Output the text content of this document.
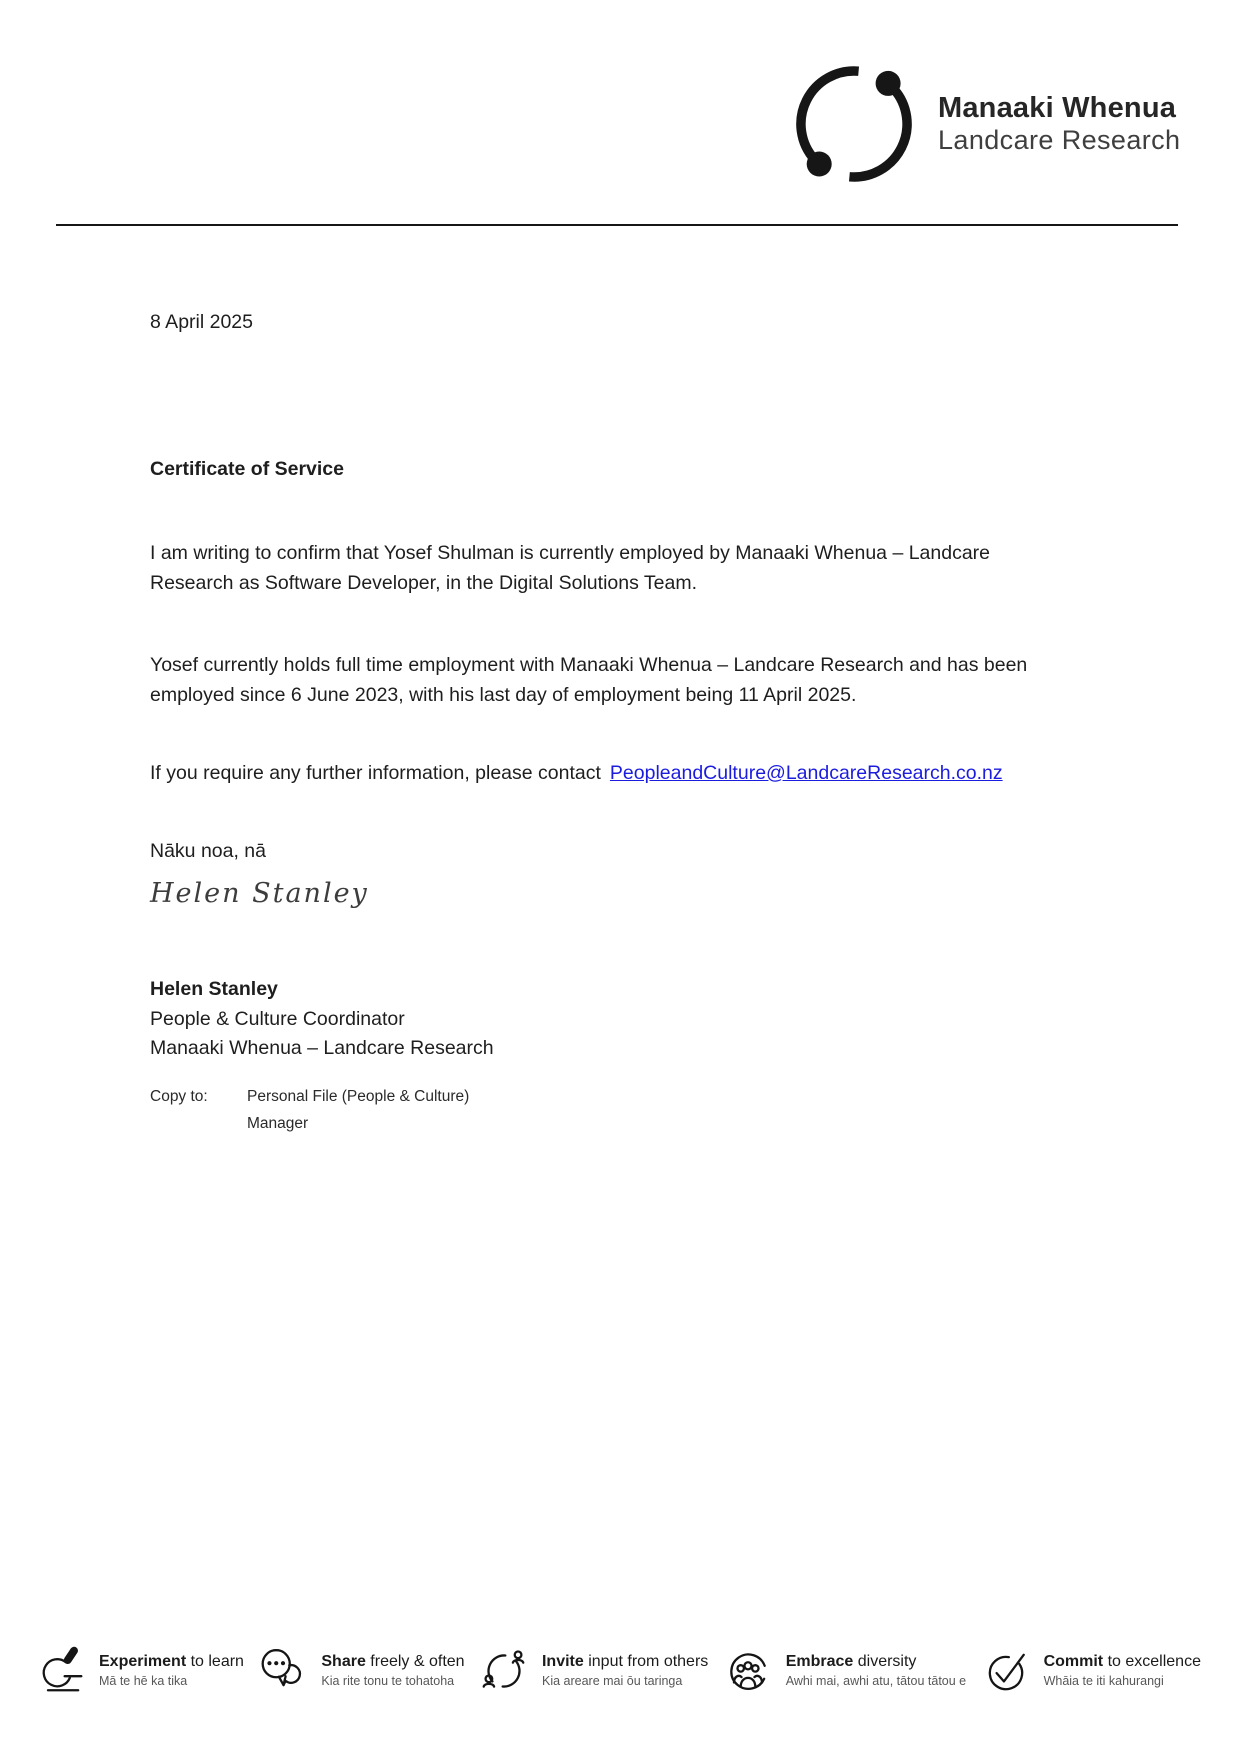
Manaaki Whenua
Landcare Research
8 April 2025
Certificate of Service
I am writing to confirm that Yosef Shulman is currently employed by Manaaki Whenua – Landcare
Research as Software Developer, in the Digital Solutions Team.
Yosef currently holds full time employment with Manaaki Whenua – Landcare Research and has been
employed since 6 June 2023, with his last day of employment being 11 April 2025.
If you require any further information, please contact PeopleandCulture@LandcareResearch.co.nz
Nāku noa, nā
Helen Stanley
Helen Stanley
People & Culture Coordinator
Manaaki Whenua – Landcare Research
Copy to:	Personal File (People & Culture)
Manager
Experiment to learn
Mā te hē ka tika
Share freely & often
Kia rite tonu te tohatoha
Invite input from others
Kia areare mai ōu taringa
Embrace diversity
Awhi mai, awhi atu, tātou tātou e
Commit to excellence
Whāia te iti kahurangi
